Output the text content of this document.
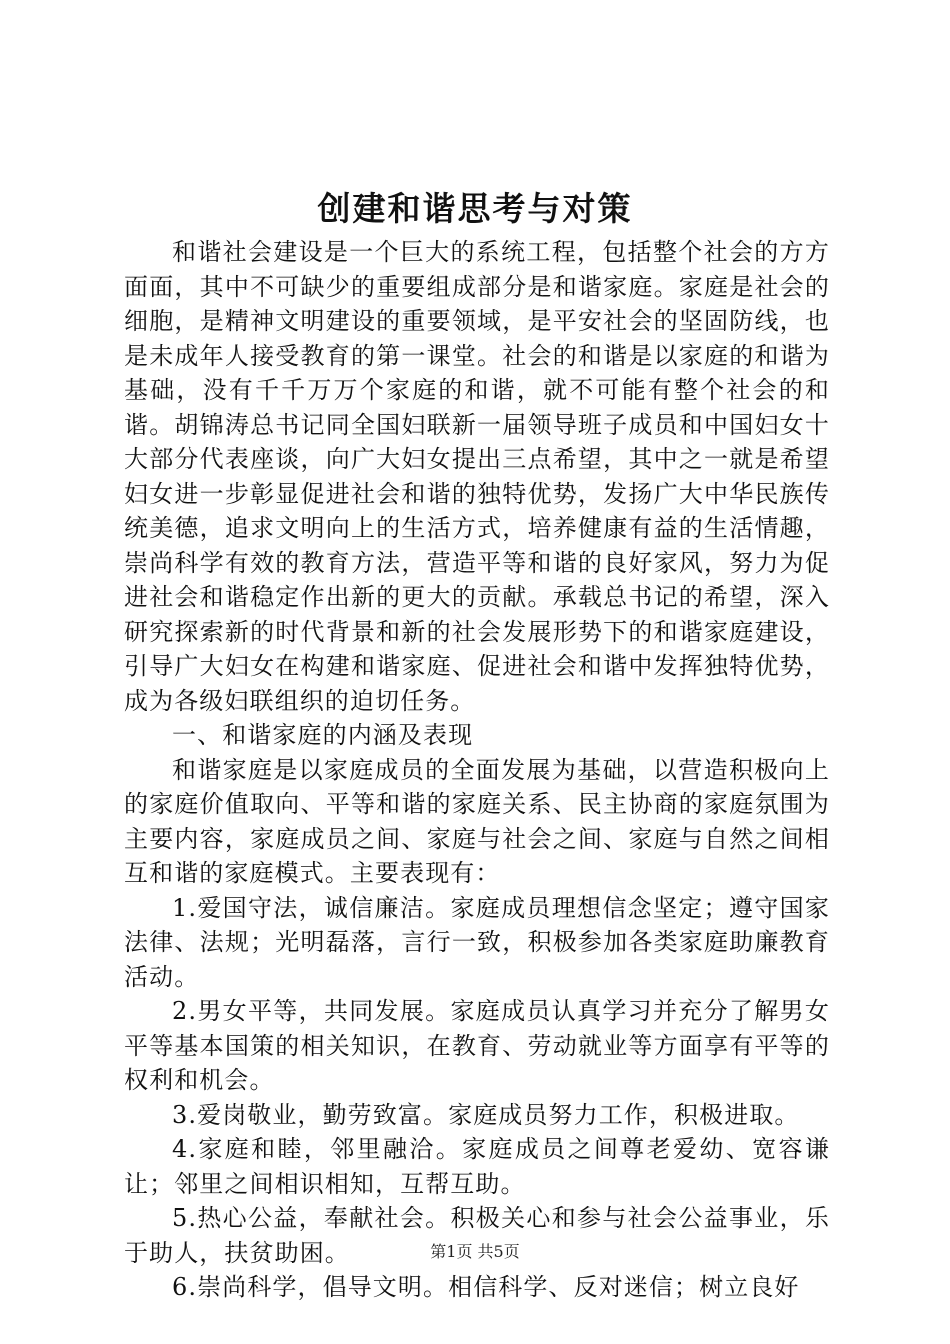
创建和谐思考与对策

和谐社会建设是一个巨大的系统工程，包括整个社会的方方面面，其中不可缺少的重要组成部分是和谐家庭。家庭是社会的细胞，是精神文明建设的重要领域，是平安社会的坚固防线，也是未成年人接受教育的第一课堂。社会的和谐是以家庭的和谐为基础，没有千千万万个家庭的和谐，就不可能有整个社会的和谐。胡锦涛总书记同全国妇联新一届领导班子成员和中国妇女十大部分代表座谈，向广大妇女提出三点希望，其中之一就是希望妇女进一步彰显促进社会和谐的独特优势，发扬广大中华民族传统美德，追求文明向上的生活方式，培养健康有益的生活情趣，崇尚科学有效的教育方法，营造平等和谐的良好家风，努力为促进社会和谐稳定作出新的更大的贡献。承载总书记的希望，深入研究探索新的时代背景和新的社会发展形势下的和谐家庭建设，引导广大妇女在构建和谐家庭、促进社会和谐中发挥独特优势，成为各级妇联组织的迫切任务。

一、和谐家庭的内涵及表现

和谐家庭是以家庭成员的全面发展为基础，以营造积极向上的家庭价值取向、平等和谐的家庭关系、民主协商的家庭氛围为主要内容，家庭成员之间、家庭与社会之间、家庭与自然之间相互和谐的家庭模式。主要表现有：

1.爱国守法，诚信廉洁。家庭成员理想信念坚定；遵守国家法律、法规；光明磊落，言行一致，积极参加各类家庭助廉教育活动。

2.男女平等，共同发展。家庭成员认真学习并充分了解男女平等基本国策的相关知识，在教育、劳动就业等方面享有平等的权利和机会。

3.爱岗敬业，勤劳致富。家庭成员努力工作，积极进取。

4.家庭和睦，邻里融洽。家庭成员之间尊老爱幼、宽容谦让；邻里之间相识相知，互帮互助。

5.热心公益，奉献社会。积极关心和参与社会公益事业，乐于助人，扶贫助困。

6.崇尚科学，倡导文明。相信科学、反对迷信；树立良好

第1页 共5页
